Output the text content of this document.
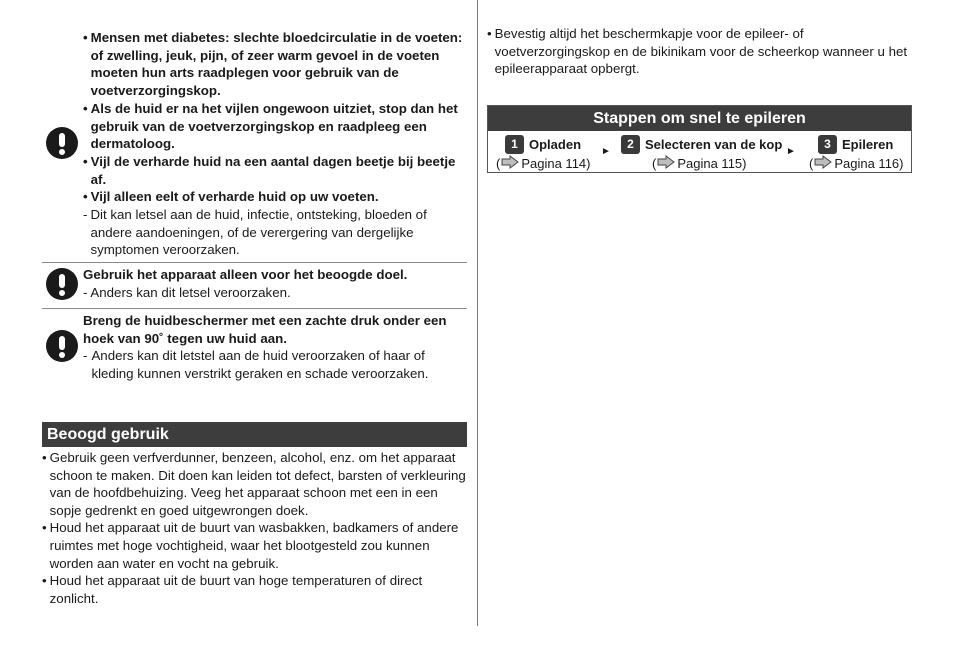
• Mensen met diabetes: slechte bloedcirculatie in de voeten: of zwelling, jeuk, pijn, of zeer warm gevoel in de voeten moeten hun arts raadplegen voor gebruik van de voetverzorgingskop.
• Als de huid er na het vijlen ongewoon uitziet, stop dan het gebruik van de voetverzorgingskop en raadpleeg een dermatoloog.
• Vijl de verharde huid na een aantal dagen beetje bij beetje af.
• Vijl alleen eelt of verharde huid op uw voeten.
- Dit kan letsel aan de huid, infectie, ontsteking, bloeden of andere aandoeningen, of de verergering van dergelijke symptomen veroorzaken.
Gebruik het apparaat alleen voor het beoogde doel.
- Anders kan dit letsel veroorzaken.
Breng de huidbeschermer met een zachte druk onder een hoek van 90˚ tegen uw huid aan.
- Anders kan dit letstel aan de huid veroorzaken of haar of kleding kunnen verstrikt geraken en schade veroorzaken.
Beoogd gebruik
• Gebruik geen verfverdunner, benzeen, alcohol, enz. om het apparaat schoon te maken. Dit doen kan leiden tot defect, barsten of verkleuring van de hoofdbehuizing. Veeg het apparaat schoon met een in een sopje gedrenkt en goed uitgewrongen doek.
• Houd het apparaat uit de buurt van wasbakken, badkamers of andere ruimtes met hoge vochtigheid, waar het blootgesteld zou kunnen worden aan water en vocht na gebruik.
• Houd het apparaat uit de buurt van hoge temperaturen of direct zonlicht.
• Bevestig altijd het beschermkapje voor de epileer- of voetverzorgingskop en de bikinikam voor de scheerkop wanneer u het epileerapparaat opbergt.
Stappen om snel te epileren
1 Opladen
( Pagina 114)
►
2 Selecteren van de kop
( Pagina 115)
►
3 Epileren
( Pagina 116)
